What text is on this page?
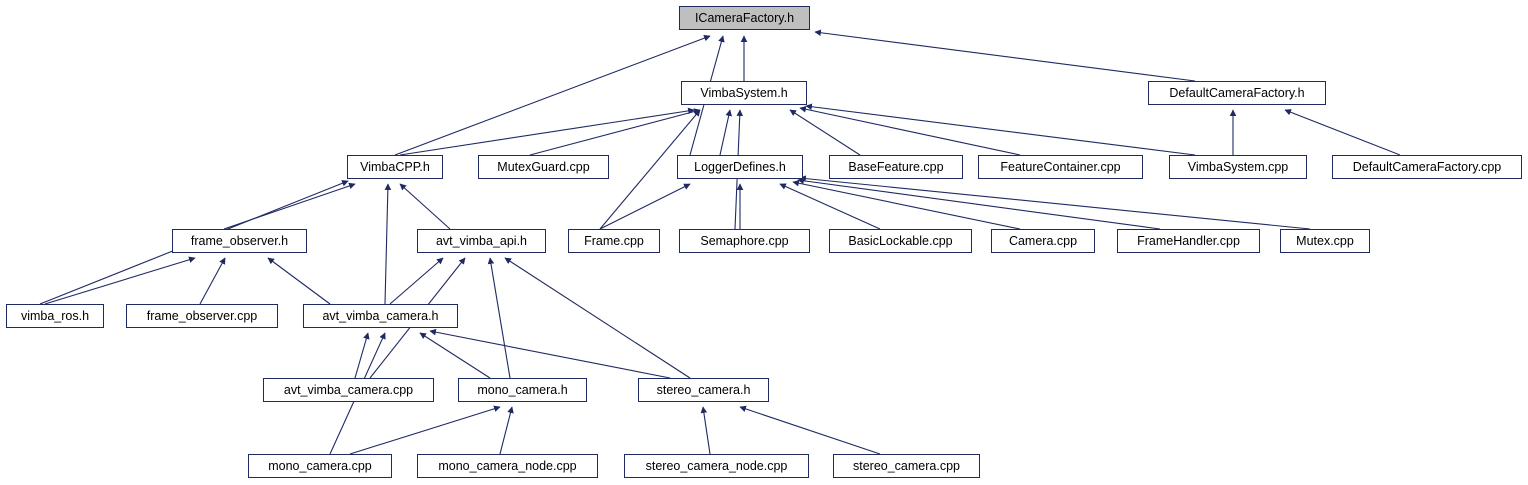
ICameraFactory.h
VimbaSystem.h	DefaultCameraFactory.h
VimbaCPP.h	MutexGuard.cpp	LoggerDefines.h	BaseFeature.cpp	FeatureContainer.cpp	VimbaSystem.cpp	DefaultCameraFactory.cpp
frame_observer.h	avt_vimba_api.h	Frame.cpp	Semaphore.cpp	BasicLockable.cpp	Camera.cpp	FrameHandler.cpp	Mutex.cpp
vimba_ros.h	frame_observer.cpp	avt_vimba_camera.h
avt_vimba_camera.cpp	mono_camera.h	stereo_camera.h
mono_camera.cpp	mono_camera_node.cpp	stereo_camera_node.cpp	stereo_camera.cpp
